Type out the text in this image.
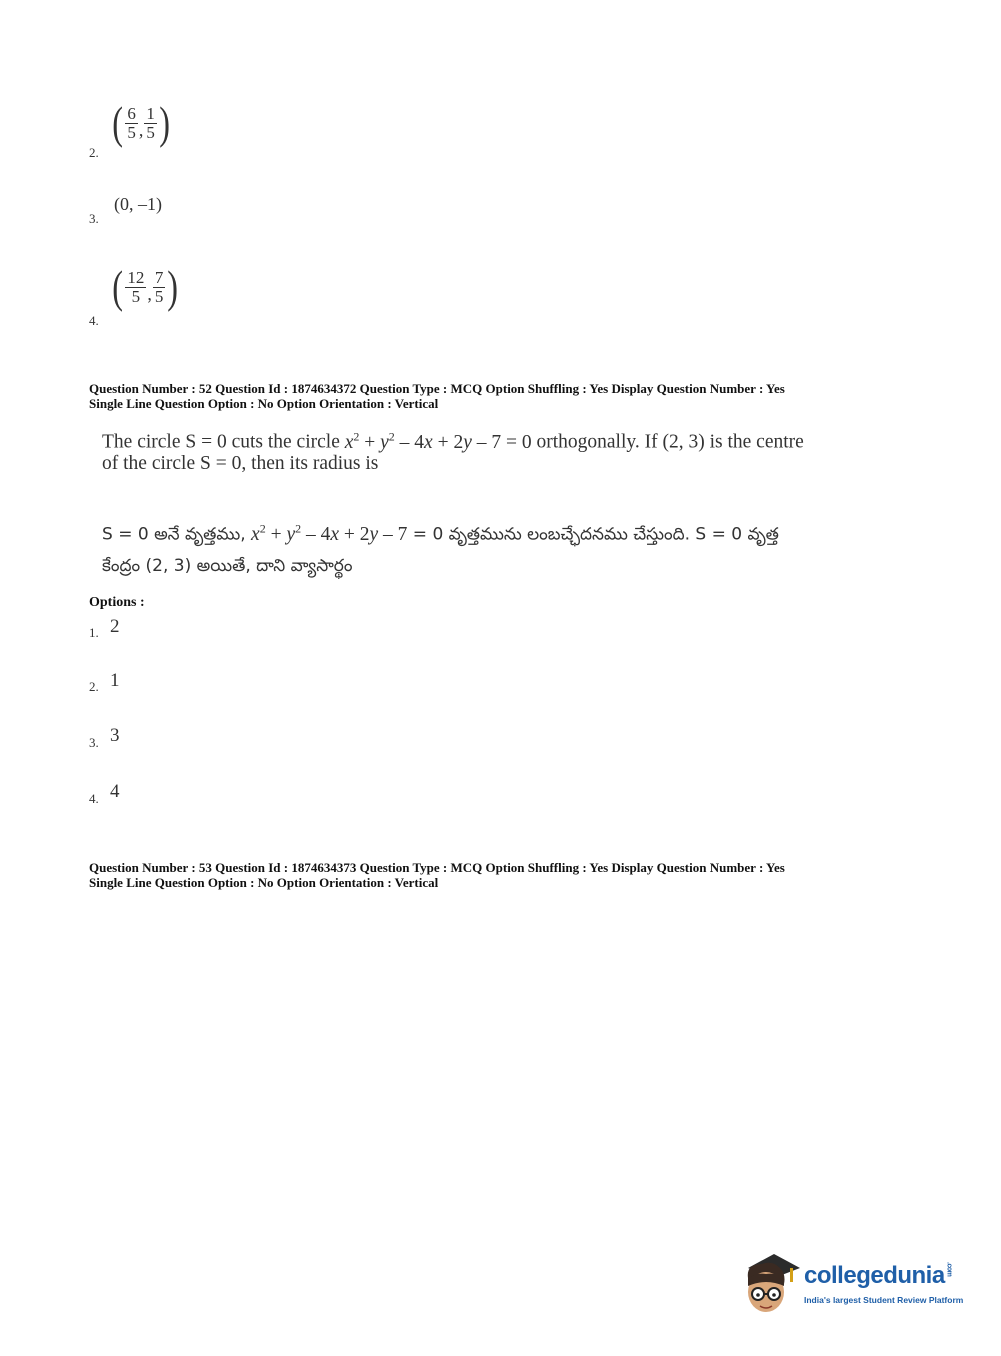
2.
( $\frac{6}{5}$ , $\frac{1}{5}$ )
3.
(0, –1)
4.
( $\frac{12}{5}$ , $\frac{7}{5}$ )
Question Number : 52 Question Id : 1874634372 Question Type : MCQ Option Shuffling : Yes Display Question Number : Yes
Single Line Question Option : No Option Orientation : Vertical
The circle S = 0 cuts the circle $x^2 + y^2 - 4x + 2y - 7 = 0$ orthogonally. If (2, 3) is the centre
of the circle S = 0, then its radius is
S = 0 అనే వృత్తము, $x^2 + y^2 - 4x + 2y - 7 = 0$ వృత్తమును లంబచ్ఛేదనము చేస్తుంది. S = 0 వృత్త
కేంద్రం (2, 3) అయితే, దాని వ్యాసార్థం
Options :
1. 2
2. 1
3. 3
4. 4
Question Number : 53 Question Id : 1874634373 Question Type : MCQ Option Shuffling : Yes Display Question Number : Yes
Single Line Question Option : No Option Orientation : Vertical
collegedunia.com
India's largest Student Review Platform
